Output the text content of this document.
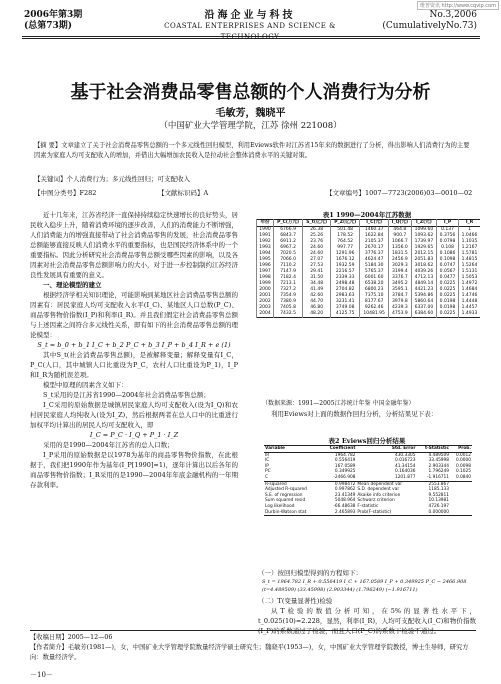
维普资讯 http://www.cqvip.com
2006年第3期
(总第73期)
沿海企业与科技
COASTAL ENTERPRISES AND SCIENCE & TECHNOLOGY
No.3,2006
(CumulativelyNo.73)
基于社会消费品零售总额的个人消费行为分析
毛敏芳，魏晓平
（中国矿业大学管理学院，江苏 徐州 221008）
【摘 要】文章建立了关于社会消费品零售总额的一个多元线性回归模型，利用Eviews软件对江苏省15年来的数据进行了分析，得出影响人们消费行为的主要因素为家庭人均可支配收入的增加，并借出大幅增加农民收入是拉动社会整体消费水平的关键对策。
【关键词】个人消费行为；多元线性回归；可支配收入
【中图分类号】F282	【文献标识码】A	【文章编号】1007—7723(2006)03—0010—02

近十几年来，江苏省经济一直保持持续稳定快速增长的良好势头，居民收入稳步上升，随着消费环境的逐步改善，人们的消费能力不断增强，人们消费能力的增强直接带动了社会消费品零售的发展，社会消费品零售总额能够直接反映人们消费水平的重要指标，也是国民经济体系中的一个重要指标。因此分析研究社会消费品零售总额受哪些因素的影响，以及各因素对社会消费品零售总额影响力的大小，对于进一步控制制约江苏经济良性发展具有重要的意义。

一、理论模型的建立

根据经济学相关知识理论，可能影响到某地区社会消费品零售总额的因素有：居民家庭人均可支配收入水平(I_C)、某地区人口总数(P_C)、商品零售物价指数(I_P)和利率(I_R)。并且我们假定社会消费品零售总额与上述因素之间符合多元线性关系，即有如下的社会消费品零售总额的理论模型：

S_t = b_0 + b_1 I_C + b_2 P_C + b_3 I_P + b_4 I_R + e (1)

其中S_t(社会消费品零售总额)，是被解释变量；解释变量有I_C，P_C(人口，其中城镇人口比重设为P_C，农村人口比重设为P_1)，I_P和I_R为随机误差项。

模型中原理的因素含义如下：

S_t采用的是江苏省1990—2004年社会消费品零售总额；

I_C采用的原始数据是城镇居民家庭人均可支配收入(设为I_Q)和农村居民家庭人均纯收入(设为I_Z)，然后根据两者在总人口中的比重进行加权平均计算出的居民人均可支配收入，即

I_C = P_C · I_Q + P_1 · I_Z

采用的是1990—2004年江苏省的总人口数；

I_P采用的原始数据是以1978为基年的商品零售物价指数，在此根据于，我们把1990年作为基年(I_P[1990]=1)，逐年计算出以后各年的商品零售物价指数；I_R采用的是1990—2004年年底金融机构的一年期存款利率。

表1 1990—2004年江苏数据
年份	P_C(万元)	S_t(亿元)	P_Z(亿元)	I_C(元)	I_Q(元)	I_Z(元)	I_P	I_R
1990	6766.9	26.38	501.48	1460.37	464.8	1099.60	0.137	1
1991	6843.7	25.26	178.52	1622.84	900.7	1093.62	0.3756	1.0466
1992	6911.2	23.76	764.52	2105.37	1066.7	1739.97	0.0798	1.1035
1993	6967.2	24.60	997.77	2670.17	1356.0	1929.65	0.108	1.2167
1994	7020.5	24.60	1291.96	3776.37	1831.5	2012.15	0.1086	1.5781
1995	7066.0	27.07	1676.12	4624.47	2456.9	2051.83	0.1098	1.4815
1996	7110.2	27.53	1932.59	5184.30	3029.3	3018.62	0.0747	1.5264
1997	7147.9	29.41	2216.57	5765.37	3199.4	4039.26	0.0567	1.5131
1998	7182.4	31.50	2339.33	6001.60	3376.7	4712.13	0.0477	1.5053
1999	7213.1	34.48	2498.48	6538.20	3495.2	4849.14	0.0225	1.4972
2000	7327.2	41.49	2704.82	6800.23	3595.1	4421.23	0.0225	1.4684
2001	7354.9	42.60	2983.63	7375.10	3784.7	5394.86	0.0225	1.4746
2002	7380.9	44.70	3231.41	8177.67	3979.8	5860.64	0.0198	1.4448
2003	7405.8	46.80	3749.08	9262.46	4239.3	6337.00	0.0198	1.4457
2004	7432.5	48.20	4125.75	10481.95	4753.9	6384.60	0.0225	1.4933
（数据来源：1991—2005江苏统计年鉴 中国金融年鉴）
利用Eviews对上面的数据作回归分析，分析结果见下表：
表2 Eviews回归分析结果
Variable	Coefficient	Std. Error	t-Statistic	Prob.
IR	1964.782	430.3305	4.489509	0.0012
IC	0.556419	0.016723	33.45998	0.0000
IP	167.0589	41.34154	2.903344	0.0098
PC	0.349925	0.164036	1.796249	0.1025
C	-2466.908	1201.877	-1.916711	0.0840
R-squared	0.998472	Mean dependent var	2553.867	
Adjusted R-squared	0.997862	S.D. dependent var	1185.133	
S.E. of regression	23.41349	Akaike info criterion	9.552811	
Sum squared resid	5048.964	Schwarz criterion	10.13981	
Log likelihood	-66.48638	F-statistic	4726.197	
Durbin-Watson stat	2.465893	Prob(F-statistic)	0.000000	
（一）按回归模型得到的方程如下：
S_t = 1964.782 I_R + 0.556419 I_C + 167.0589 I_P + 0.349925 P_C − 2466.908
(t=4.489509) (33.45998) (2.903344) (1.796249) (−1.916711)
（二）T(变量显著性)检验
从T检验的数值分析可知，在5%的显著性水平下，t_0.025(10)=2.228，显然，利率(I_R)，人均可支配收入(I_C)和物价指数(I_P)的系数通过了检验，而且人口(P_C)的系数下检验不通过。
【收稿日期】2005—12—06
【作者简介】毛敏芳(1981—)，女，中国矿业大学管理学院数量经济学硕士研究生；魏晓平(1953—)，女，中国矿业大学管理学院教授，博士生导师，研究方向：数量经济学。
－10－
